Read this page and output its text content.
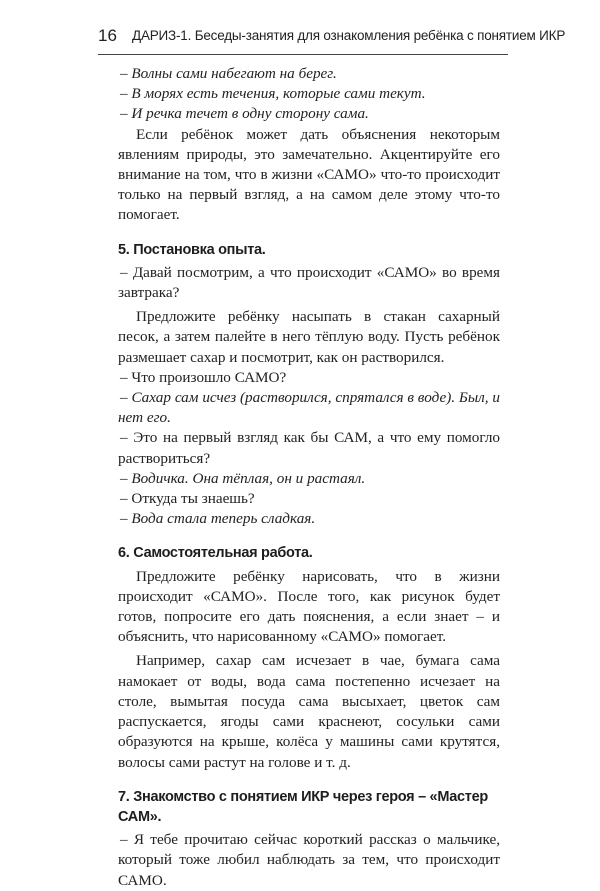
16 ДАРИЗ-1. Беседы-занятия для ознакомления ребёнка с понятием ИКР

– Волны сами набегают на берег.

– В морях есть течения, которые сами текут.

– И речка течет в одну сторону сама.

Если ребёнок может дать объяснения некоторым явлениям природы, это замечательно. Акцентируйте его внимание на том, что в жизни «САМО» что-то происходит только на первый взгляд, а на самом деле этому что-то помогает.

5. Постановка опыта.

– Давай посмотрим, а что происходит «САМО» во время завтрака?

Предложите ребёнку насыпать в стакан сахарный песок, а затем палейте в него тёплую воду. Пусть ребёнок размешает сахар и посмотрит, как он растворился.

– Что произошло САМО?

– Сахар сам исчез (растворился, спрятался в воде). Был, и нет его.

– Это на первый взгляд как бы САМ, а что ему помогло раствориться?

– Водичка. Она тёплая, он и растаял.

– Откуда ты знаешь?

– Вода стала теперь сладкая.

6. Самостоятельная работа.

Предложите ребёнку нарисовать, что в жизни происходит «САМО». После того, как рисунок будет готов, попросите его дать пояснения, а если знает – и объяснить, что нарисованному «САМО» помогает.

Например, сахар сам исчезает в чае, бумага сама намокает от воды, вода сама постепенно исчезает на столе, вымытая посуда сама высыхает, цветок сам распускается, ягоды сами краснеют, сосульки сами образуются на крыше, колёса у машины сами крутятся, волосы сами растут на голове и т. д.

7. Знакомство с понятием ИКР через героя – «Мастер САМ».

– Я тебе прочитаю сейчас короткий рассказ о мальчике, который тоже любил наблюдать за тем, что происходит САМО.
